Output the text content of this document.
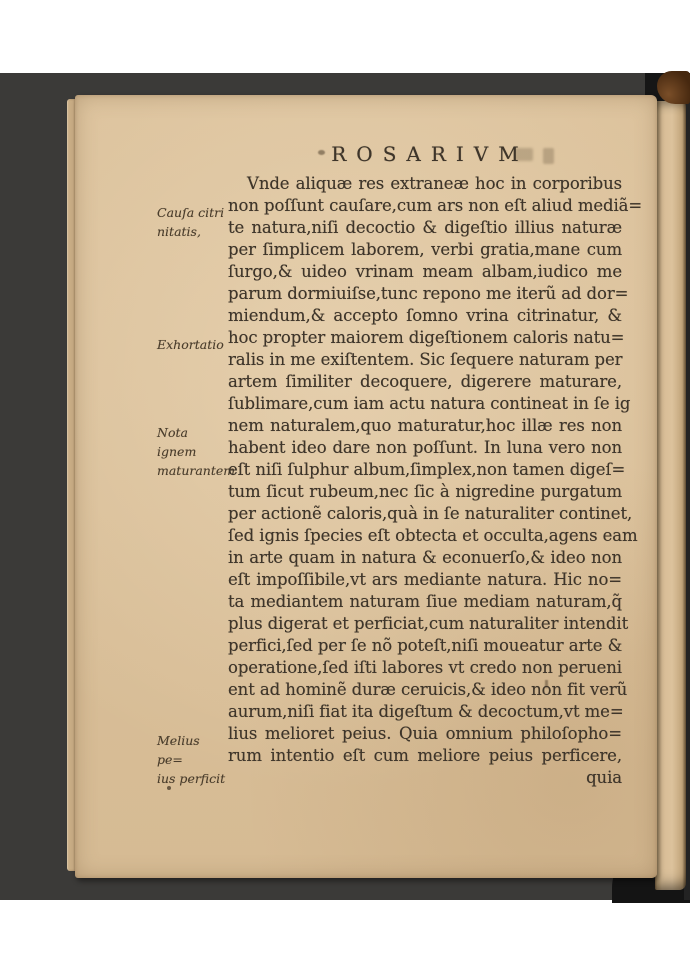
ROSARIVM
Cauſa citri
nitatis,
Exhortatio
Nota ignem
maturantem
Melius pe=
ius perficit
Vnde aliquæ res extraneæ hoc in corporibus
non poſſunt cauſare,cum ars non eſt aliud mediã=
te natura,niſi decoctio & digeſtio illius naturæ
per ſimplicem laborem, verbi gratia,mane cum
ſurgo,& uideo vrinam meam albam,iudico me
parum dormiuiſse,tunc repono me iterũ ad dor=
miendum,& accepto ſomno vrina citrinatur, &
hoc propter maiorem digeſtionem caloris natu=
ralis in me exiſtentem. Sic ſequere naturam per
artem ſimiliter decoquere, digerere maturare,
ſublimare,cum iam actu natura contineat in ſe ig
nem naturalem,quo maturatur,hoc illæ res non
habent ideo dare non poſſunt. In luna vero non
eſt niſi ſulphur album,ſimplex,non tamen digeſ=
tum ſicut rubeum,nec ſic à nigredine purgatum
per actionẽ caloris,quà in ſe naturaliter continet,
ſed ignis ſpecies eſt obtecta et occulta,agens eam
in arte quam in natura & econuerſo,& ideo non
eſt impoſſibile,vt ars mediante natura. Hic no=
ta mediantem naturam ſiue mediam naturam,q̃
plus digerat et perficiat,cum naturaliter intendit
perfici,ſed per ſe nõ poteſt,niſi moueatur arte &
operatione,ſed iſti labores vt credo non perueni
ent ad hominẽ duræ ceruicis,& ideo non fit verũ
aurum,niſi fiat ita digeſtum & decoctum,vt me=
lius melioret peius. Quia omnium philoſopho=
rum intentio eſt cum meliore peius perficere,
quia
